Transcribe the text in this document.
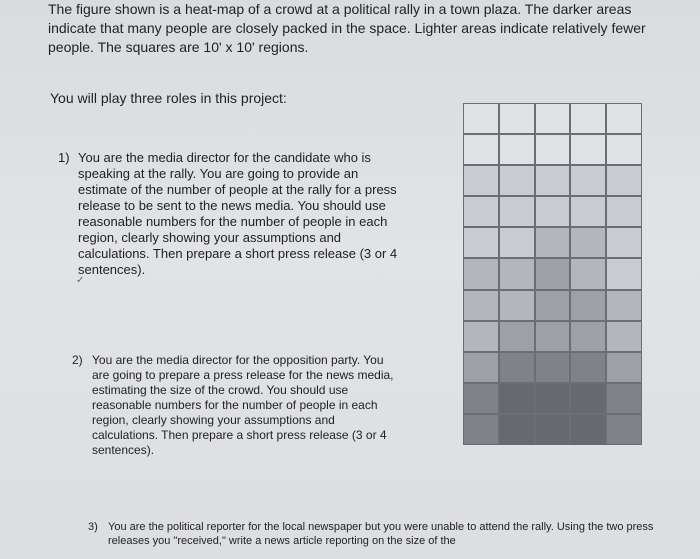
The figure shown is a heat-map of a crowd at a political rally in a town plaza. The darker areas indicate that many people are closely packed in the space. Lighter areas indicate relatively fewer people. The squares are 10' x 10' regions.
You will play three roles in this project:
1) You are the media director for the candidate who is speaking at the rally. You are going to provide an estimate of the number of people at the rally for a press release to be sent to the news media. You should use reasonable numbers for the number of people in each region, clearly showing your assumptions and calculations. Then prepare a short press release (3 or 4 sentences).
✓
2) You are the media director for the opposition party. You are going to prepare a press release for the news media, estimating the size of the crowd. You should use reasonable numbers for the number of people in each region, clearly showing your assumptions and calculations. Then prepare a short press release (3 or 4 sentences).
3) You are the political reporter for the local newspaper but you were unable to attend the rally. Using the two press releases you "received," write a news article reporting on the size of the
